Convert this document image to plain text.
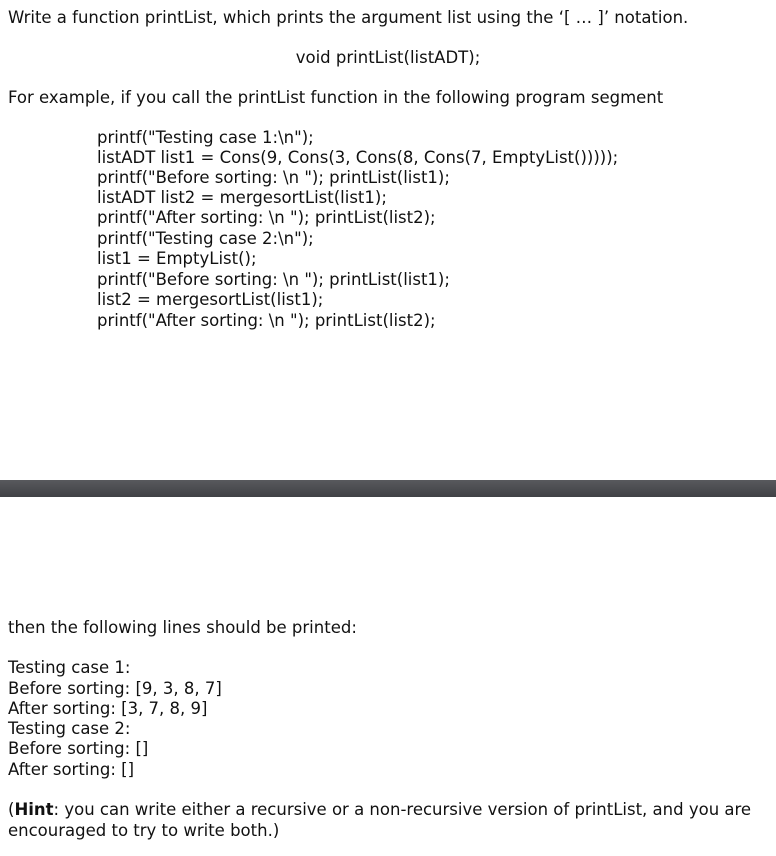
Write a function printList, which prints the argument list using the ‘[ … ]’ notation.
void printList(listADT);
For example, if you call the printList function in the following program segment
printf("Testing case 1:\n");
listADT list1 = Cons(9, Cons(3, Cons(8, Cons(7, EmptyList()))));
printf("Before sorting: \n "); printList(list1);
listADT list2 = mergesortList(list1);
printf("After sorting: \n "); printList(list2);
printf("Testing case 2:\n");
list1 = EmptyList();
printf("Before sorting: \n "); printList(list1);
list2 = mergesortList(list1);
printf("After sorting: \n "); printList(list2);
then the following lines should be printed:
Testing case 1:
Before sorting: [9, 3, 8, 7]
After sorting: [3, 7, 8, 9]
Testing case 2:
Before sorting: []
After sorting: []
(Hint: you can write either a recursive or a non-recursive version of printList, and you are encouraged to try to write both.)
